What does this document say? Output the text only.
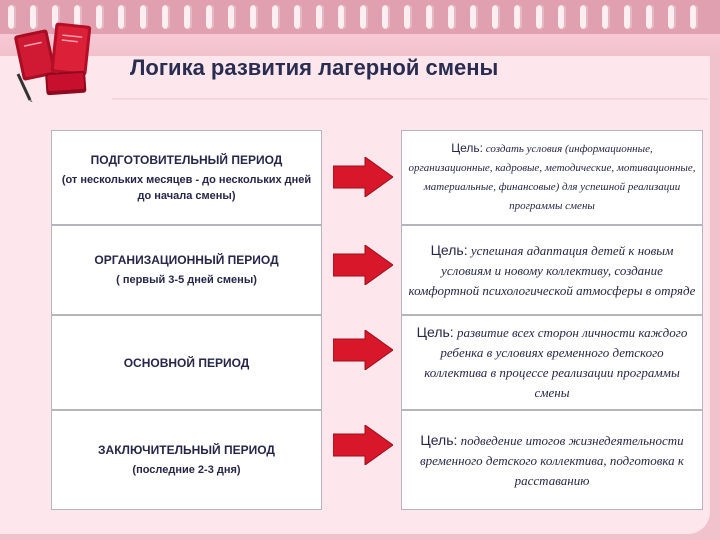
Логика развития лагерной смены
ПОДГОТОВИТЕЛЬНЫЙ ПЕРИОД
(от нескольких месяцев - до нескольких дней до начала смены)

Цель: создать условия (информационные, организационные, кадровые, методические, мотивационные, материальные, финансовые) для успешной реализации программы смены

ОРГАНИЗАЦИОННЫЙ ПЕРИОД
( первый 3-5 дней смены)

Цель: успешная адаптация детей к новым условиям и новому коллективу, создание комфортной психологической атмосферы в отряде

ОСНОВНОЙ ПЕРИОД

Цель: развитие всех сторон личности каждого ребенка в условиях временного детского коллектива в процессе реализации программы смены

ЗАКЛЮЧИТЕЛЬНЫЙ ПЕРИОД
(последние 2-3 дня)

Цель: подведение итогов жизнедеятельности временного детского коллектива, подготовка к расставанию
